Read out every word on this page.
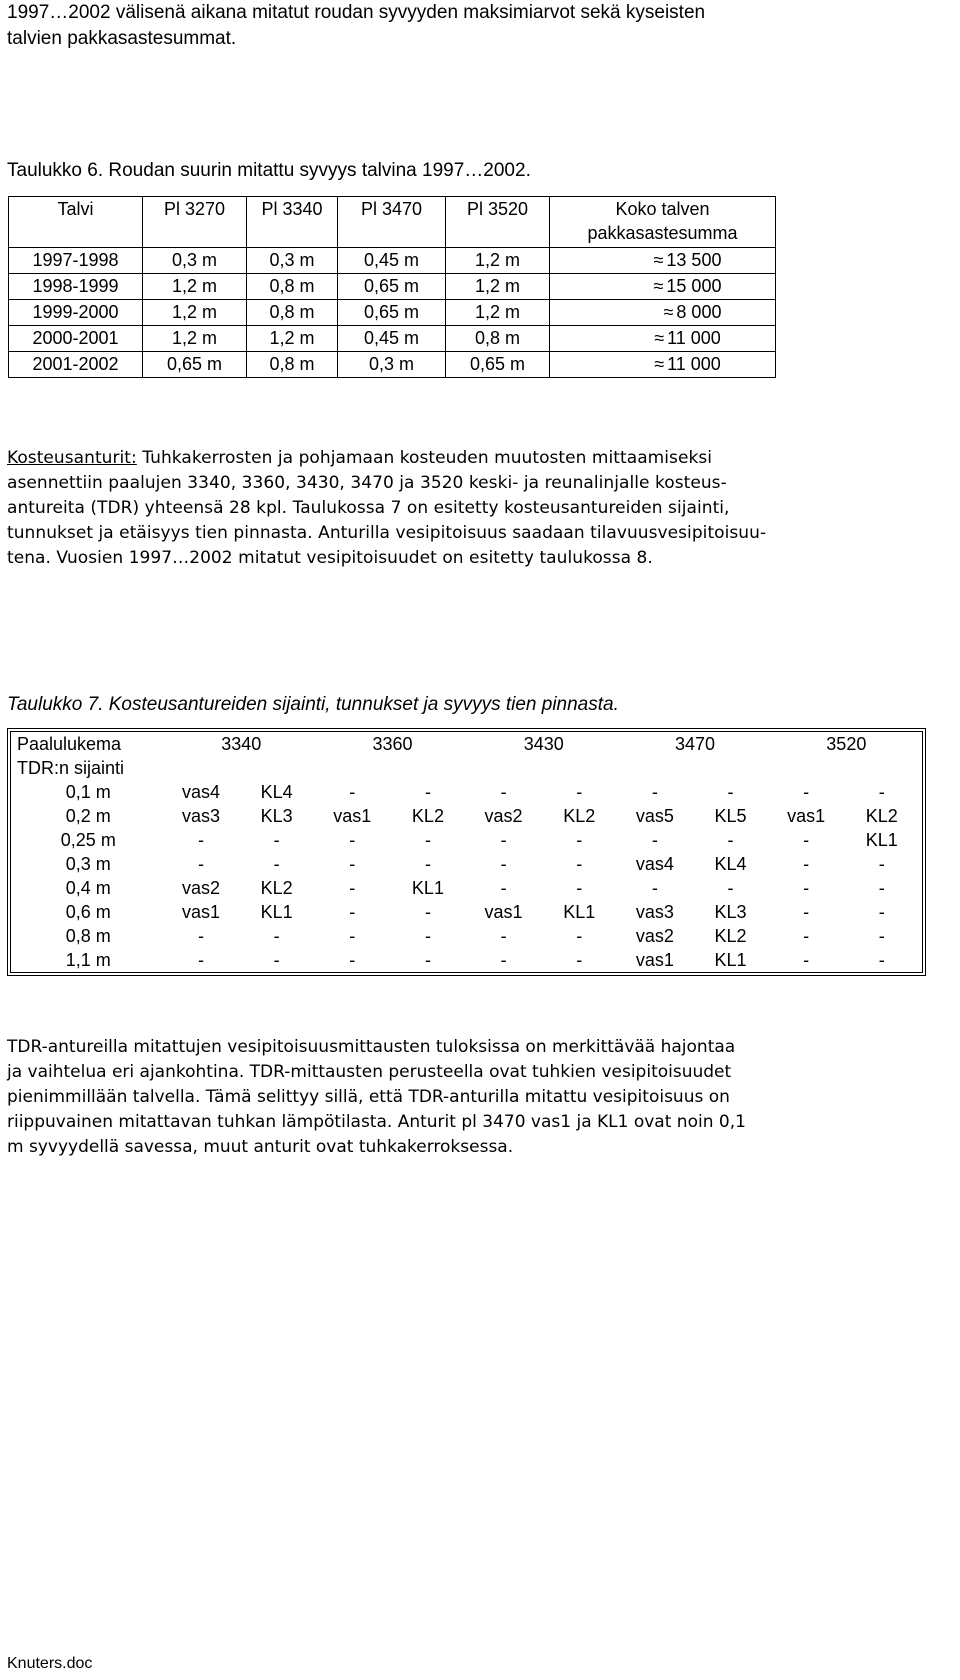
1997…2002 välisenä aikana mitatut roudan syvyyden maksimiarvot sekä kyseisten
talvien pakkasastesummat.
Taulukko 6. Roudan suurin mitattu syvyys talvina 1997…2002.
Talvi	Pl 3270	Pl 3340	Pl 3470	Pl 3520	Koko talven
pakkasastesumma

1997-1998	0,3 m	0,3 m	0,45 m	1,2 m	≈ 13 500
1998-1999	1,2 m	0,8 m	0,65 m	1,2 m	≈ 15 000
1999-2000	1,2 m	0,8 m	0,65 m	1,2 m	≈ 8 000
2000-2001	1,2 m	1,2 m	0,45 m	0,8 m	≈ 11 000
2001-2002	0,65 m	0,8 m	0,3 m	0,65 m	≈ 11 000
Kosteusanturit: Tuhkakerrosten ja pohjamaan kosteuden muutosten mittaamiseksi
asennettiin paalujen 3340, 3360, 3430, 3470 ja 3520 keski- ja reunalinjalle kosteus-
antureita (TDR) yhteensä 28 kpl. Taulukossa 7 on esitetty kosteusantureiden sijainti,
tunnukset ja etäisyys tien pinnasta. Anturilla vesipitoisuus saadaan tilavuusvesipitoisuu-
tena. Vuosien 1997…2002 mitatut vesipitoisuudet on esitetty taulukossa 8.
Taulukko 7. Kosteusantureiden sijainti, tunnukset ja syvyys tien pinnasta.
Paalulukema	3340		3360		3430		3470		3520	
TDR:n sijainti										
0,1 m	vas4	KL4	-	-	-	-	-	-	-	-
0,2 m	vas3	KL3	vas1	KL2	vas2	KL2	vas5	KL5	vas1	KL2
0,25 m	-	-	-	-	-	-	-	-	-	KL1
0,3 m	-	-	-	-	-	-	vas4	KL4	-	-
0,4 m	vas2	KL2	-	KL1	-	-	-	-	-	-
0,6 m	vas1	KL1	-	-	vas1	KL1	vas3	KL3	-	-
0,8 m	-	-	-	-	-	-	vas2	KL2	-	-
1,1 m	-	-	-	-	-	-	vas1	KL1	-	-
TDR-antureilla mitattujen vesipitoisuusmittausten tuloksissa on merkittävää hajontaa
ja vaihtelua eri ajankohtina. TDR-mittausten perusteella ovat tuhkien vesipitoisuudet
pienimmillään talvella. Tämä selittyy sillä, että TDR-anturilla mitattu vesipitoisuus on
riippuvainen mitattavan tuhkan lämpötilasta. Anturit pl 3470 vas1 ja KL1 ovat noin 0,1
m syvyydellä savessa, muut anturit ovat tuhkakerroksessa.
Knuters.doc
